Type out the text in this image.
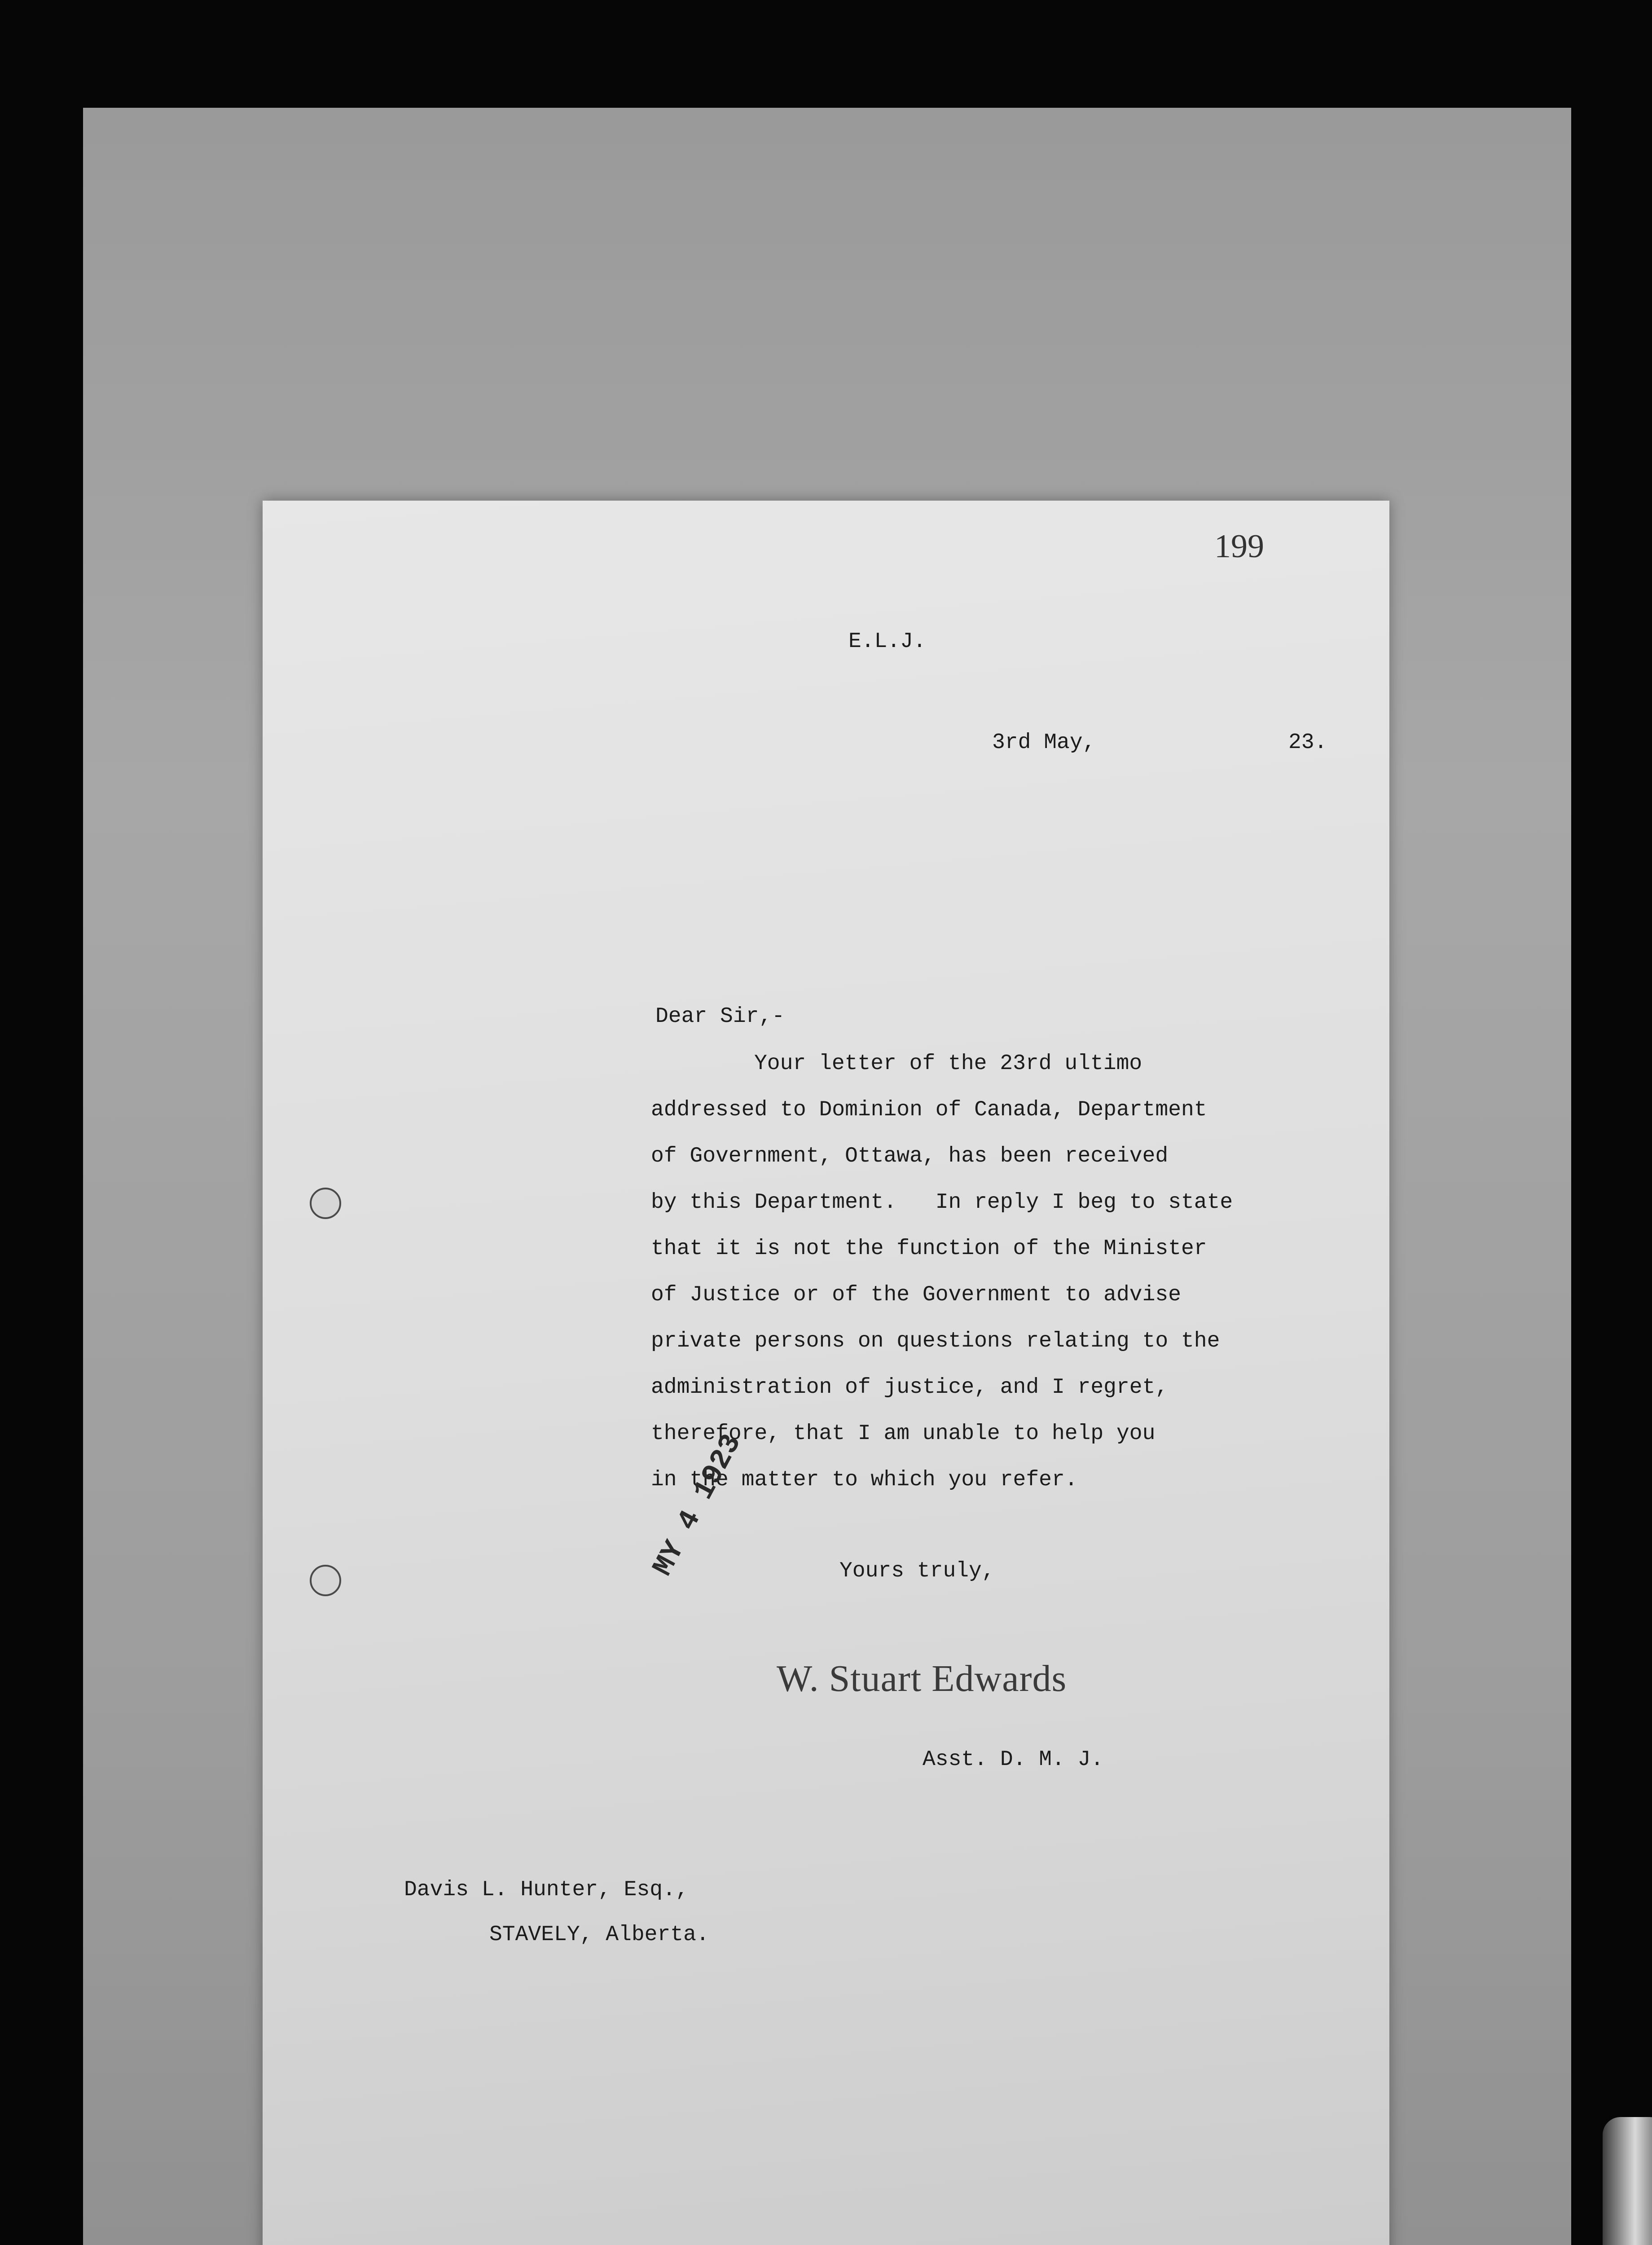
199
E.L.J.
3rd May,	23.
Dear Sir,-
Your letter of the 23rd ultimo
addressed to Dominion of Canada, Department
of Government, Ottawa, has been received
by this Department.   In reply I beg to state
that it is not the function of the Minister
of Justice or of the Government to advise
private persons on questions relating to the
administration of justice, and I regret,
therefore, that I am unable to help you
in the matter to which you refer.
Yours truly,
Asst. D. M. J.
Davis L. Hunter, Esq.,
STAVELY, Alberta.
MY 4 1923
W. Stuart Edwards
